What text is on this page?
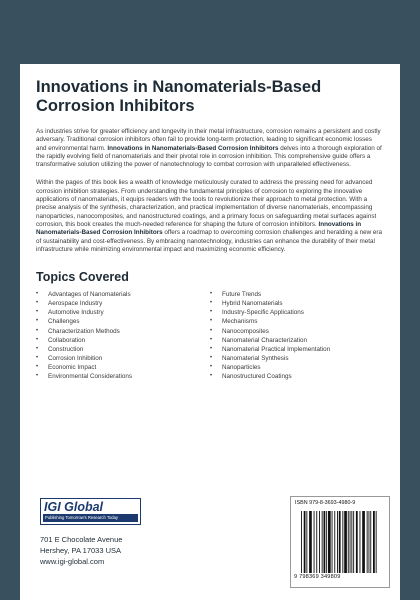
Innovations in Nanomaterials-Based Corrosion Inhibitors

As industries strive for greater efficiency and longevity in their metal infrastructure, corrosion remains a persistent and costly adversary. Traditional corrosion inhibitors often fail to provide long-term protection, leading to significant economic losses and environmental harm. Innovations in Nanomaterials-Based Corrosion Inhibitors delves into a thorough exploration of the rapidly evolving field of nanomaterials and their pivotal role in corrosion inhibition. This comprehensive guide offers a transformative solution utilizing the power of nanotechnology to combat corrosion with unparalleled effectiveness.

Within the pages of this book lies a wealth of knowledge meticulously curated to address the pressing need for advanced corrosion inhibition strategies. From understanding the fundamental principles of corrosion to exploring the innovative applications of nanomaterials, it equips readers with the tools to revolutionize their approach to metal protection. With a precise analysis of the synthesis, characterization, and practical implementation of diverse nanomaterials, encompassing nanoparticles, nanocomposites, and nanostructured coatings, and a primary focus on safeguarding metal surfaces against corrosion, this book creates the much-needed reference for shaping the future of corrosion inhibitors. Innovations in Nanomaterials-Based Corrosion Inhibitors offers a roadmap to overcoming corrosion challenges and heralding a new era of sustainability and cost-effectiveness. By embracing nanotechnology, industries can enhance the durability of their metal infrastructure while minimizing environmental impact and maximizing economic efficiency.

Topics Covered
• Advantages of Nanomaterials
• Aerospace Industry
• Automotive Industry
• Challenges
• Characterization Methods
• Collaboration
• Construction
• Corrosion Inhibition
• Economic Impact
• Environmental Considerations
• Future Trends
• Hybrid Nanomaterials
• Industry-Specific Applications
• Mechanisms
• Nanocomposites
• Nanomaterial Characterization
• Nanomaterial Practical Implementation
• Nanomaterial Synthesis
• Nanoparticles
• Nanostructured Coatings
IGI Global
Publishing Tomorrow's Research Today
701 E Chocolate Avenue
Hershey, PA 17033 USA
www.igi-global.com
ISBN 979-8-3693-4980-9
9 798369 349809
